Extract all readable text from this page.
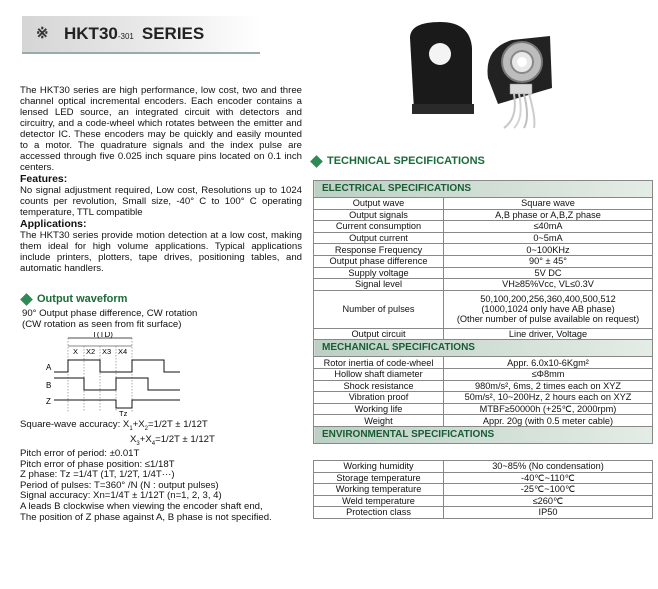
※ HKT30-301 SERIES
The HKT30 series are high performance, low cost, two and three channel optical incremental encoders. Each encoder contains a lensed LED source, an integrated circuit with detectors and circuitry, and a code-wheel which rotates between the emitter and detector IC. These encoders may be quickly and easily mounted to a motor. The quadrature signals and the index pulse are accessed through five 0.025 inch square pins located on 0.1 inch centers.
Features:
No signal adjustment required, Low cost, Resolutions up to 1024 counts per revolution, Small size, -40° C to 100° C operating temperature, TTL compatible
Applications:
The HKT30 series provide motion detection at a low cost, making them ideal for high volume applications. Typical applications include printers, plotters, tape drives, positioning tables, and automatic handlers.
Output waveform
90° Output phase difference, CW rotation
(CW rotation as seen from fit surface)
T(TD)
X X2 X3 X4
A
B
Z
Tz
Square-wave accuracy: $X_1+X_2=1/2T \pm 1/12T$
$X_3+X_4=1/2T \pm 1/12T$
Pitch error of period: ±0.01T
Pitch error of phase position: ≤1/18T
Z phase: Tz =1/4T (1T, 1/2T, 1/4T···)
Period of pulses: T=360° /N (N : output pulses)
Signal accuracy: Xn=1/4T ± 1/12T (n=1, 2, 3, 4)
A leads B clockwise when viewing the encoder shaft end,
The position of Z phase against A, B phase is not specified.
TECHNICAL SPECIFICATIONS
ELECTRICAL SPECIFICATIONS	
Output wave	Square wave
Output signals	A,B phase or A,B,Z phase
Current consumption	≤40mA
Output current	0~5mA
Response Frequency	0~100KHz
Output phase difference	90° ± 45°
Supply voltage	5V DC
Signal level	VH≥85%Vcc, VL≤0.3V
Number of pulses	50,100,200,256,360,400,500,512
(1000,1024 only have AB phase)
(Other number of pulse available on request)

Output circuit	Line driver, Voltage
MECHANICAL SPECIFICATIONS	
Rotor inertia of code-wheel	Appr. 6.0x10-6Kgm²
Hollow shaft diameter	≤Φ8mm
Shock resistance	980m/s², 6ms, 2 times each on XYZ
Vibration proof	50m/s², 10~200Hz, 2 hours each on XYZ
Working life	MTBF≥50000h (+25℃, 2000rpm)
Weight	Appr. 20g (with 0.5 meter cable)
ENVIRONMENTAL SPECIFICATIONS	

Working humidity	30~85% (No condensation)
Storage temperature	-40℃~110℃
Working temperature	-25℃~100℃
Weld temperature	≤260℃
Protection class	IP50
